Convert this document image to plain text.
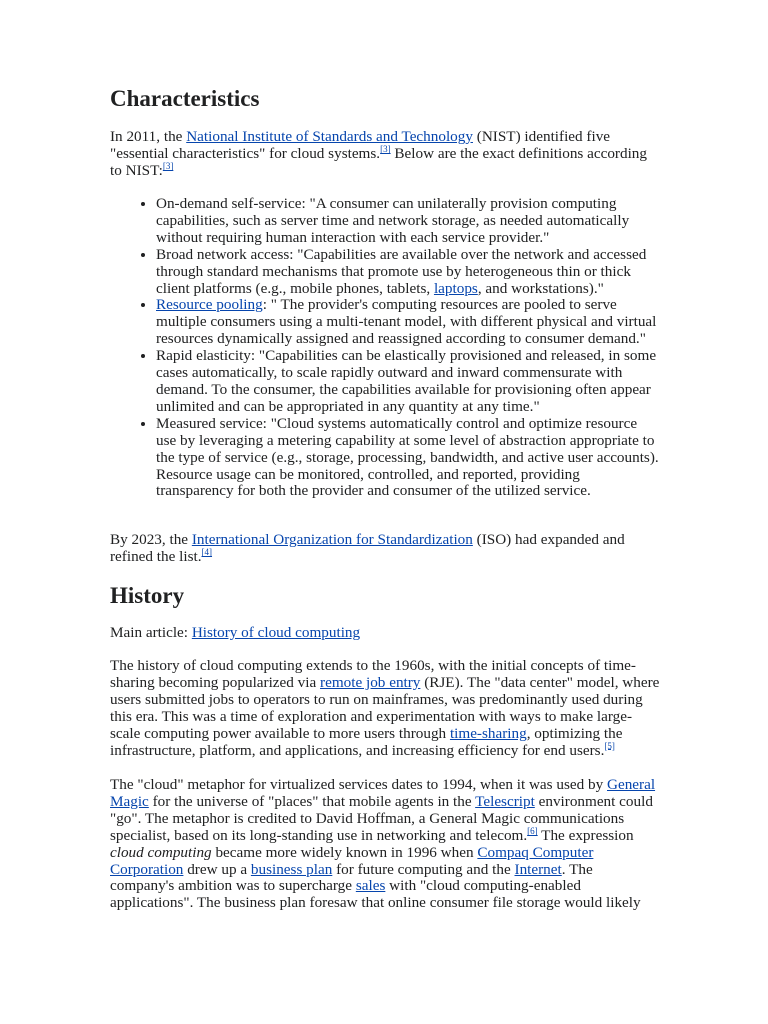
Characteristics

In 2011, the National Institute of Standards and Technology (NIST) identified five "essential characteristics" for cloud systems.[3] Below are the exact definitions according to NIST:[3]

• On-demand self-service: "A consumer can unilaterally provision computing capabilities, such as server time and network storage, as needed automatically without requiring human interaction with each service provider."
• Broad network access: "Capabilities are available over the network and accessed through standard mechanisms that promote use by heterogeneous thin or thick client platforms (e.g., mobile phones, tablets, laptops, and workstations)."
• Resource pooling: " The provider's computing resources are pooled to serve multiple consumers using a multi-tenant model, with different physical and virtual resources dynamically assigned and reassigned according to consumer demand."
• Rapid elasticity: "Capabilities can be elastically provisioned and released, in some cases automatically, to scale rapidly outward and inward commensurate with demand. To the consumer, the capabilities available for provisioning often appear unlimited and can be appropriated in any quantity at any time."
• Measured service: "Cloud systems automatically control and optimize resource use by leveraging a metering capability at some level of abstraction appropriate to the type of service (e.g., storage, processing, bandwidth, and active user accounts). Resource usage can be monitored, controlled, and reported, providing transparency for both the provider and consumer of the utilized service.

By 2023, the International Organization for Standardization (ISO) had expanded and refined the list.[4]

History

Main article: History of cloud computing

The history of cloud computing extends to the 1960s, with the initial concepts of time-sharing becoming popularized via remote job entry (RJE). The "data center" model, where users submitted jobs to operators to run on mainframes, was predominantly used during this era. This was a time of exploration and experimentation with ways to make large-scale computing power available to more users through time-sharing, optimizing the infrastructure, platform, and applications, and increasing efficiency for end users.[5]

The "cloud" metaphor for virtualized services dates to 1994, when it was used by General Magic for the universe of "places" that mobile agents in the Telescript environment could "go". The metaphor is credited to David Hoffman, a General Magic communications specialist, based on its long-standing use in networking and telecom.[6] The expression cloud computing became more widely known in 1996 when Compaq Computer Corporation drew up a business plan for future computing and the Internet. The company's ambition was to supercharge sales with "cloud computing-enabled applications". The business plan foresaw that online consumer file storage would likely
